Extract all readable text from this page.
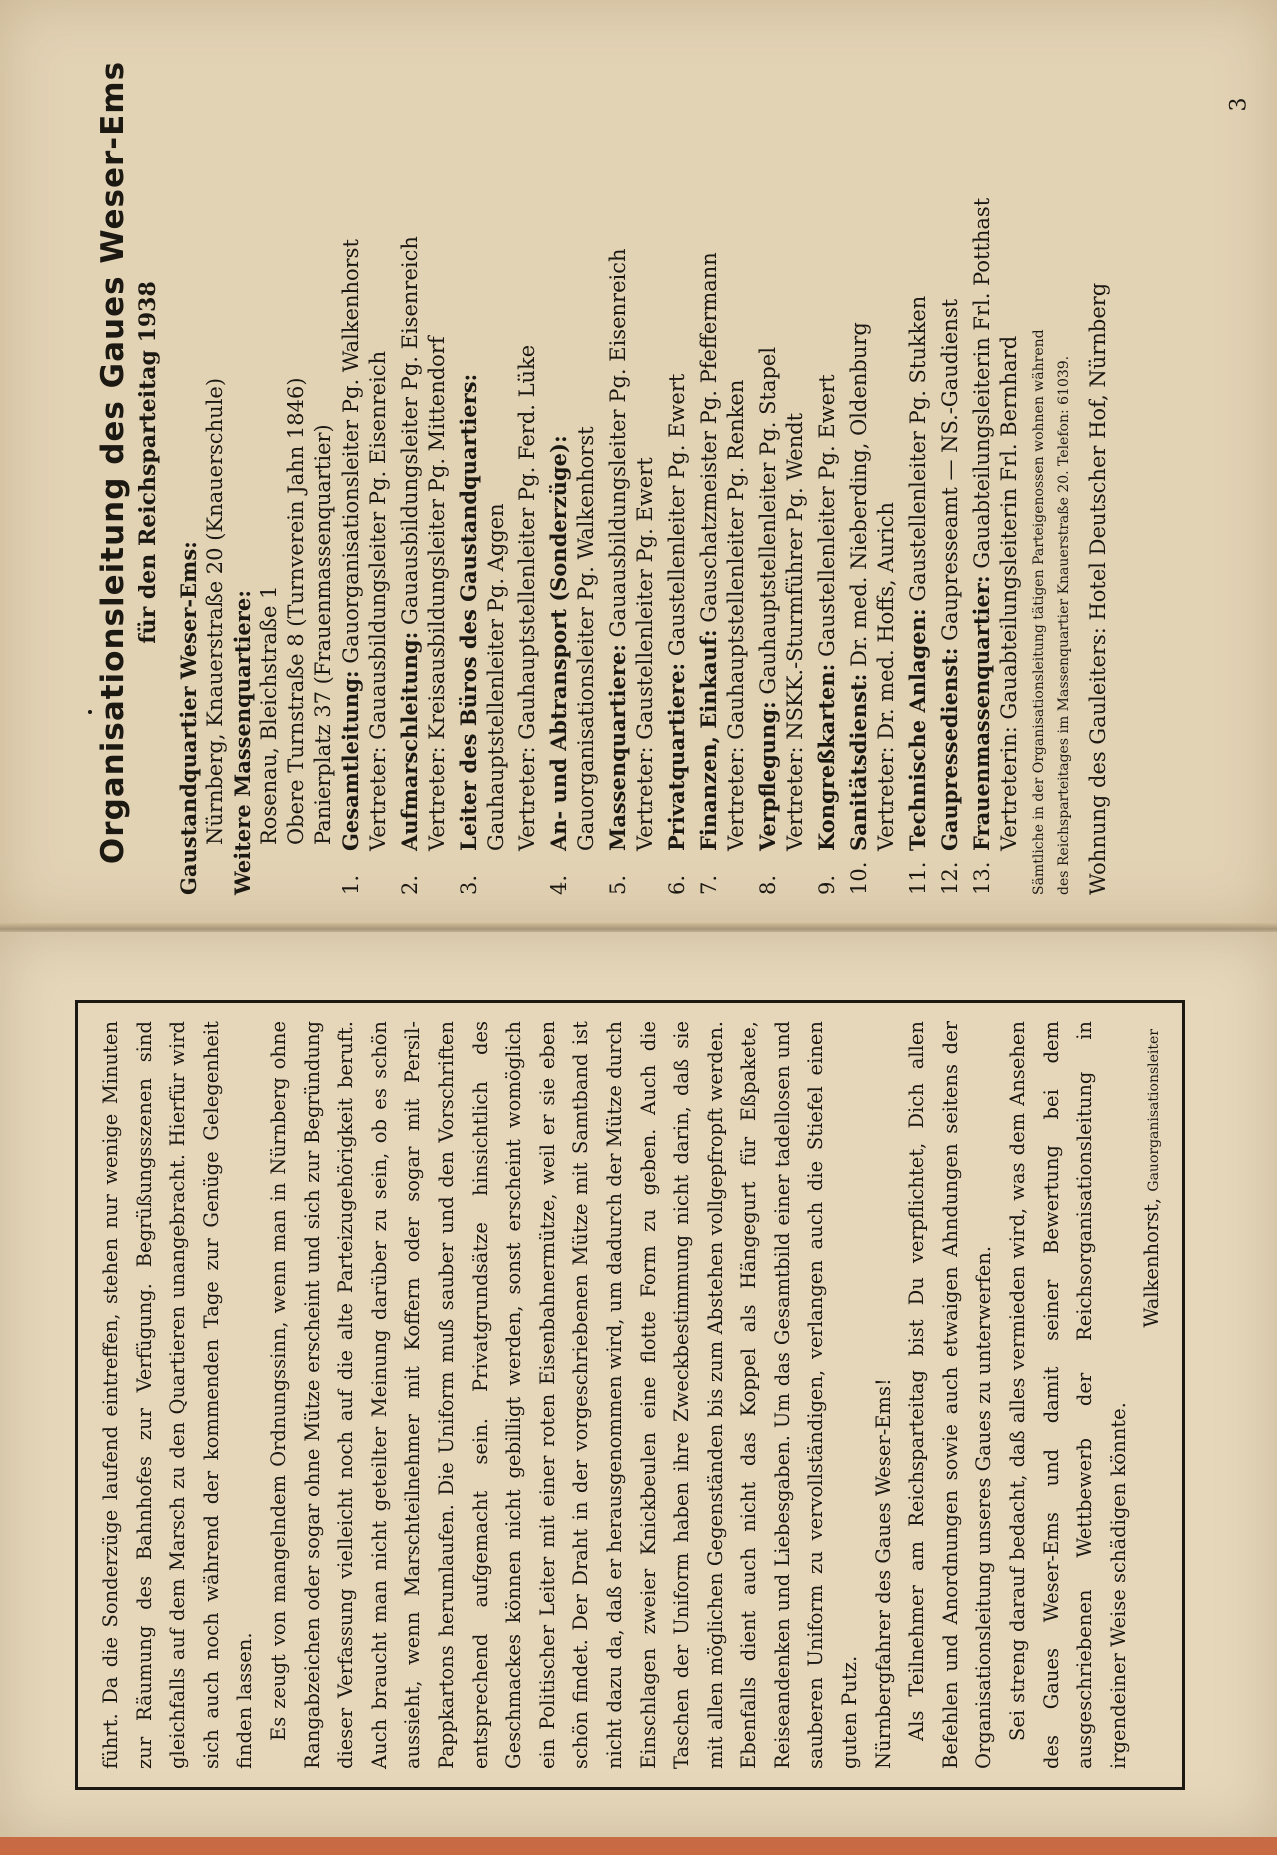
3
Organisationsleitung des Gaues Weser-Ems für den Reichsparteitag 1938
Gaustandquartier Weser-Ems: Nürnberg, Knauerstraße 20 (Knauerschule) Weitere Massenquartiere: Rosenau, Bleichstraße 1 Obere Turnstraße 8 (Turnverein Jahn 1846) Panierplatz 37 (Frauenmassenquartier)
1.Gesamtleitung: Gauorganisationsleiter Pg. Walkenhorst Vertreter: Gauausbildungsleiter Pg. Eisenreich
2.Aufmarschleitung: Gauausbildungsleiter Pg. Eisenreich Vertreter: Kreisausbildungsleiter Pg. Mittendorf
3.Leiter des Büros des Gaustandquartiers: Gauhauptstellenleiter Pg. Aggen Vertreter: Gauhauptstellenleiter Pg. Ferd. Lüke
4.An- und Abtransport (Sonderzüge): Gauorganisationsleiter Pg. Walkenhorst
5.Massenquartiere: Gauausbildungsleiter Pg. Eisenreich
Vertreter: Gaustellenleiter Pg. Ewert
6.Privatquartiere: Gaustellenleiter Pg. Ewert
7.Finanzen, Einkauf: Gauschatzmeister Pg. Pfeffermann Vertreter: Gauhauptstellenleiter Pg. Renken
8.Verpflegung: Gauhauptstellenleiter Pg. Stapel Vertreter: NSKK.-Sturmführer Pg. Wendt
9.Kongreßkarten: Gaustellenleiter Pg. Ewert
10.Sanitätsdienst: Dr. med. Nieberding, Oldenburg
Vertreter: Dr. med. Hoffs, Aurich
11.Technische Anlagen: Gaustellenleiter Pg. Stukken
12.Gaupressedienst: Gaupresseamt — NS.-Gaudienst
13.Frauenmassenquartier: Gauabteilungsleiterin Frl. Potthast Vertreterin: Gauabteilungsleiterin Frl. Bernhard Sämtliche in der Organisationsleitung tätigen Parteigenossen wohnen während des Reichsparteitages im Massenquartier Knauerstraße 20. Telefon: 61039. Wohnung des Gauleiters: Hotel Deutscher Hof, Nürnberg

führt. Da die Sonderzüge laufend eintreffen, stehen nur wenige Minuten zur Räumung des Bahnhofes zur Verfügung. Begrüßungsszenen sind gleichfalls auf dem Marsch zu den Quartieren unangebracht. Hierfür wird sich auch noch während der kommenden Tage zur Genüge Gelegenheit finden lassen. Es zeugt von mangelndem Ordnungssinn, wenn man in Nürnberg ohne Rangabzeichen oder sogar ohne Mütze erscheint und sich zur Begründung dieser Verfassung vielleicht noch auf die alte Parteizugehörigkeit beruft. Auch braucht man nicht geteilter Meinung darüber zu sein, ob es schön aussieht, wenn Marschteilnehmer mit Koffern oder sogar mit Persil-Pappkartons herumlaufen. Die Uniform muß sauber und den Vorschriften entsprechend aufgemacht sein. Privatgrundsätze hinsichtlich des Geschmackes können nicht gebilligt werden, sonst erscheint womöglich ein Politischer Leiter mit einer roten Eisenbahnermütze, weil er sie eben schön findet. Der Draht in der vorgeschriebenen Mütze mit Samtband ist nicht dazu da, daß er herausgenommen wird, um dadurch der Mütze durch Einschlagen zweier Knickbeulen eine flotte Form zu geben. Auch die Taschen der Uniform haben ihre Zweckbestimmung nicht darin, daß sie mit allen möglichen Gegenständen bis zum Abstehen vollgepfropft werden. Ebenfalls dient auch nicht das Koppel als Hängegurt für Eßpakete, Reiseandenken und Liebesgaben. Um das Gesamtbild einer tadellosen und sauberen Uniform zu vervollständigen, verlangen auch die Stiefel einen guten Putz. Nürnbergfahrer des Gaues Weser-Ems! Als Teilnehmer am Reichsparteitag bist Du verpflichtet, Dich allen Befehlen und Anordnungen sowie auch etwaigen Ahndungen seitens der Organisationsleitung unseres Gaues zu unterwerfen. Sei streng darauf bedacht, daß alles vermieden wird, was dem Ansehen des Gaues Weser-Ems und damit seiner Bewertung bei dem ausgeschriebenen Wettbewerb der Reichsorganisationsleitung in irgendeiner Weise schädigen könnte.

Walkenhorst, Gauorganisationsleiter
